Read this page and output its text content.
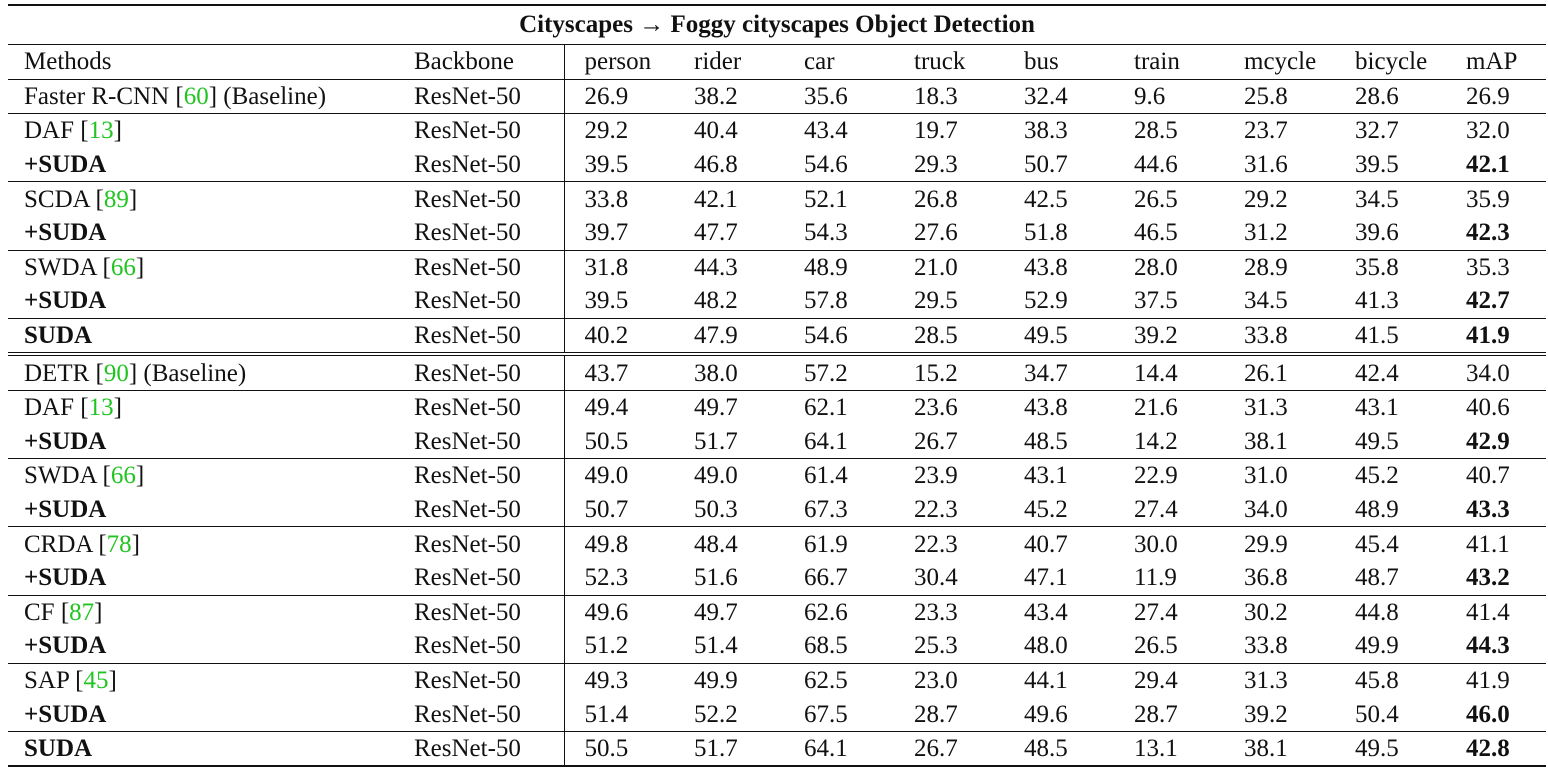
Cityscapes → Foggy cityscapes Object Detection										
Methods	Backbone	person	rider	car	truck	bus	train	mcycle	bicycle	mAP
Faster R-CNN [60] (Baseline)	ResNet-50	26.9	38.2	35.6	18.3	32.4	9.6	25.8	28.6	26.9
DAF [13]	ResNet-50	29.2	40.4	43.4	19.7	38.3	28.5	23.7	32.7	32.0
+SUDA	ResNet-50	39.5	46.8	54.6	29.3	50.7	44.6	31.6	39.5	42.1
SCDA [89]	ResNet-50	33.8	42.1	52.1	26.8	42.5	26.5	29.2	34.5	35.9
+SUDA	ResNet-50	39.7	47.7	54.3	27.6	51.8	46.5	31.2	39.6	42.3
SWDA [66]	ResNet-50	31.8	44.3	48.9	21.0	43.8	28.0	28.9	35.8	35.3
+SUDA	ResNet-50	39.5	48.2	57.8	29.5	52.9	37.5	34.5	41.3	42.7
SUDA	ResNet-50	40.2	47.9	54.6	28.5	49.5	39.2	33.8	41.5	41.9
DETR [90] (Baseline)	ResNet-50	43.7	38.0	57.2	15.2	34.7	14.4	26.1	42.4	34.0
DAF [13]	ResNet-50	49.4	49.7	62.1	23.6	43.8	21.6	31.3	43.1	40.6
+SUDA	ResNet-50	50.5	51.7	64.1	26.7	48.5	14.2	38.1	49.5	42.9
SWDA [66]	ResNet-50	49.0	49.0	61.4	23.9	43.1	22.9	31.0	45.2	40.7
+SUDA	ResNet-50	50.7	50.3	67.3	22.3	45.2	27.4	34.0	48.9	43.3
CRDA [78]	ResNet-50	49.8	48.4	61.9	22.3	40.7	30.0	29.9	45.4	41.1
+SUDA	ResNet-50	52.3	51.6	66.7	30.4	47.1	11.9	36.8	48.7	43.2
CF [87]	ResNet-50	49.6	49.7	62.6	23.3	43.4	27.4	30.2	44.8	41.4
+SUDA	ResNet-50	51.2	51.4	68.5	25.3	48.0	26.5	33.8	49.9	44.3
SAP [45]	ResNet-50	49.3	49.9	62.5	23.0	44.1	29.4	31.3	45.8	41.9
+SUDA	ResNet-50	51.4	52.2	67.5	28.7	49.6	28.7	39.2	50.4	46.0
SUDA	ResNet-50	50.5	51.7	64.1	26.7	48.5	13.1	38.1	49.5	42.8
